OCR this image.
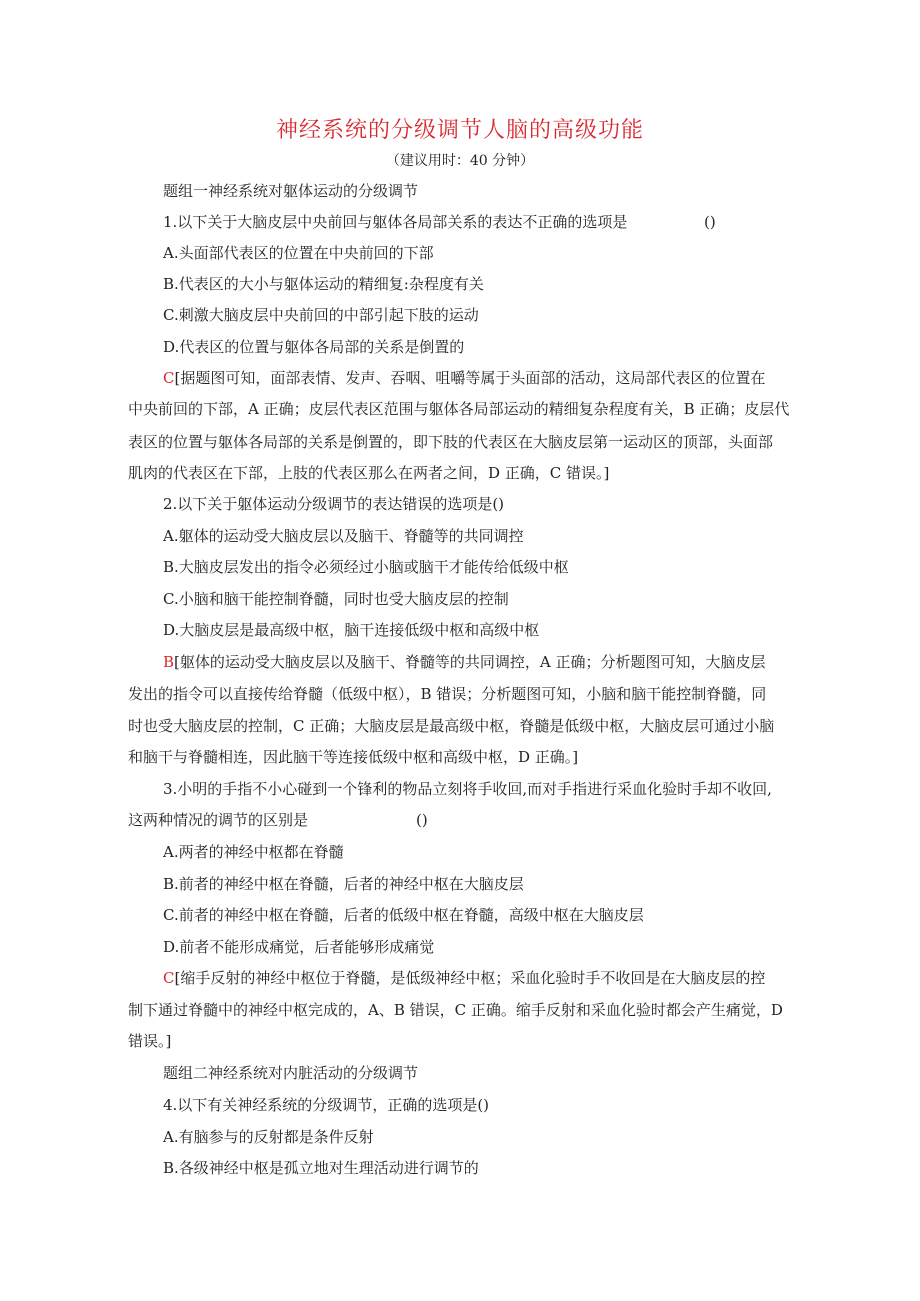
神经系统的分级调节人脑的高级功能
（建议用时：40 分钟）
题组一神经系统对躯体运动的分级调节
1.以下关于大脑皮层中央前回与躯体各局部关系的表达不正确的选项是	()
A.头面部代表区的位置在中央前回的下部
B.代表区的大小与躯体运动的精细复:杂程度有关
C.刺激大脑皮层中央前回的中部引起下肢的运动
D.代表区的位置与躯体各局部的关系是倒置的
C[据题图可知，面部表情、发声、吞咽、咀嚼等属于头面部的活动，这局部代表区的位置在
中央前回的下部，A 正确；皮层代表区范围与躯体各局部运动的精细复杂程度有关，B 正确；皮层代
表区的位置与躯体各局部的关系是倒置的，即下肢的代表区在大脑皮层第一运动区的顶部，头面部
肌肉的代表区在下部，上肢的代表区那么在两者之间，D 正确，C 错误。]
2.以下关于躯体运动分级调节的表达错误的选项是()
A.躯体的运动受大脑皮层以及脑干、脊髓等的共同调控
B.大脑皮层发出的指令必须经过小脑或脑干才能传给低级中枢
C.小脑和脑干能控制脊髓，同时也受大脑皮层的控制
D.大脑皮层是最高级中枢，脑干连接低级中枢和高级中枢
B[躯体的运动受大脑皮层以及脑干、脊髓等的共同调控，A 正确；分析题图可知，大脑皮层
发出的指令可以直接传给脊髓（低级中枢），B 错误；分析题图可知，小脑和脑干能控制脊髓，同
时也受大脑皮层的控制，C 正确；大脑皮层是最高级中枢，脊髓是低级中枢，大脑皮层可通过小脑
和脑干与脊髓相连，因此脑干等连接低级中枢和高级中枢，D 正确。]
3.小明的手指不小心碰到一个锋利的物品立刻将手收回,而对手指进行采血化验时手却不收回,
这两种情况的调节的区别是	()
A.两者的神经中枢都在脊髓
B.前者的神经中枢在脊髓，后者的神经中枢在大脑皮层
C.前者的神经中枢在脊髓，后者的低级中枢在脊髓，高级中枢在大脑皮层
D.前者不能形成痛觉，后者能够形成痛觉
C[缩手反射的神经中枢位于脊髓，是低级神经中枢；采血化验时手不收回是在大脑皮层的控
制下通过脊髓中的神经中枢完成的，A、B 错误，C 正确。缩手反射和采血化验时都会产生痛觉，D
错误。]
题组二神经系统对内脏活动的分级调节
4.以下有关神经系统的分级调节，正确的选项是()
A.有脑参与的反射都是条件反射
B.各级神经中枢是孤立地对生理活动进行调节的
